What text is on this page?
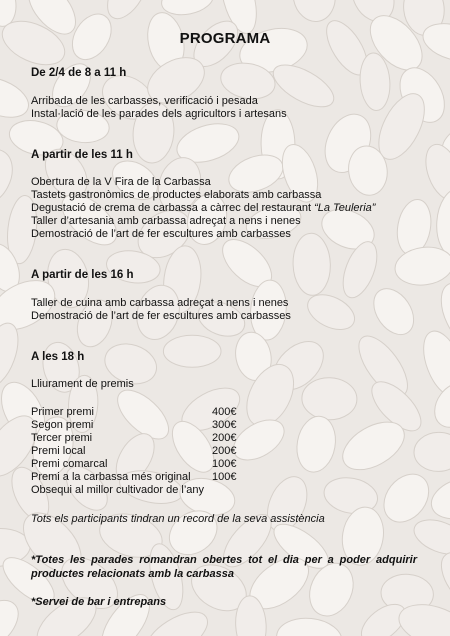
PROGRAMA
De 2/4 de 8 a 11 h
Arribada de les carbasses, verificació i pesada
Instal·lació de les parades dels agricultors i artesans
A partir de les 11 h
Obertura de la V Fira de la Carbassa
Tastets gastronòmics de productes elaborats amb carbassa
Degustació de crema de carbassa a càrrec del restaurant “La Teuleria”
Taller d’artesania amb carbassa adreçat a nens i nenes
Demostració de l’art de fer escultures amb carbasses
A partir de les 16 h
Taller de cuina amb carbassa adreçat a nens i nenes
Demostració de l’art de fer escultures amb carbasses
A les 18 h
Lliurament de premis
Primer premi	400€
Segon premi	300€
Tercer premi	200€
Premi local	200€
Premi comarcal	100€
Premi a la carbassa més original 100€
Obsequi al millor cultivador de l’any
Tots els participants tindran un record de la seva assistència
*Totes les parades romandran obertes tot el dia per a poder adquirir productes relacionats amb la carbassa
*Servei de bar i entrepans
